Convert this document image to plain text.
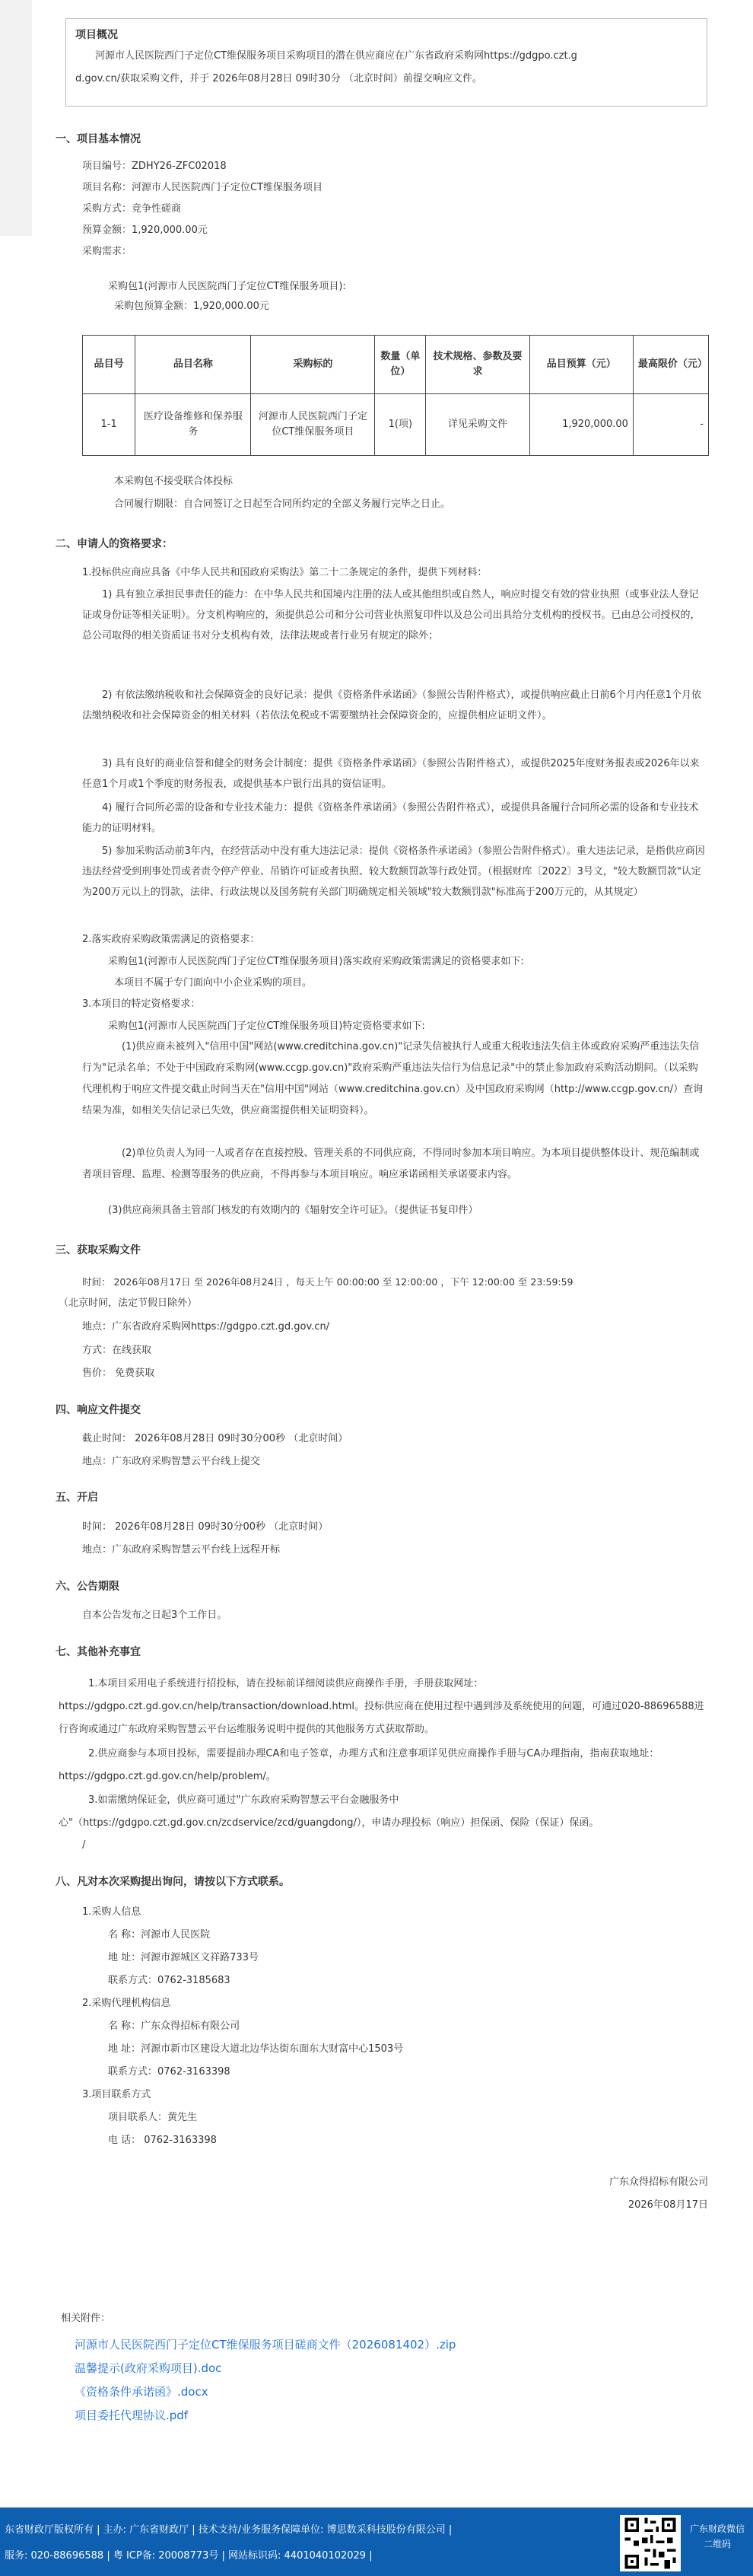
项目概况
河源市人民医院西门子定位CT维保服务项目采购项目的潜在供应商应在广东省政府采购网https://gdgpo.czt.g
d.gov.cn/获取采购文件，并于 2026年08月28日 09时30分 （北京时间）前提交响应文件。
一、项目基本情况
项目编号：ZDHY26-ZFC02018
项目名称：河源市人民医院西门子定位CT维保服务项目
采购方式：竞争性磋商
预算金额：1,920,000.00元
采购需求：
采购包1(河源市人民医院西门子定位CT维保服务项目):
采购包预算金额：1,920,000.00元
品目号	品目名称	采购标的	数量（单位）	技术规格、参数及要求	品目预算（元）	最高限价（元）
1-1	医疗设备维修和保养服务	河源市人民医院西门子定位CT维保服务项目	1(项)	详见采购文件	1,920,000.00	-
本采购包不接受联合体投标
合同履行期限：自合同签订之日起至合同所约定的全部义务履行完毕之日止。
二、申请人的资格要求：
1.投标供应商应具备《中华人民共和国政府采购法》第二十二条规定的条件，提供下列材料：
1) 具有独立承担民事责任的能力：在中华人民共和国境内注册的法人或其他组织或自然人，响应时提交有效的营业执照（或事业法人登记证或身份证等相关证明）。分支机构响应的，须提供总公司和分公司营业执照复印件以及总公司出具给分支机构的授权书。已由总公司授权的，总公司取得的相关资质证书对分支机构有效，法律法规或者行业另有规定的除外；
2) 有依法缴纳税收和社会保障资金的良好记录：提供《资格条件承诺函》（参照公告附件格式），或提供响应截止日前6个月内任意1个月依法缴纳税收和社会保障资金的相关材料（若依法免税或不需要缴纳社会保障资金的，应提供相应证明文件）。
3) 具有良好的商业信誉和健全的财务会计制度：提供《资格条件承诺函》（参照公告附件格式），或提供2025年度财务报表或2026年以来任意1个月或1个季度的财务报表，或提供基本户银行出具的资信证明。
4) 履行合同所必需的设备和专业技术能力：提供《资格条件承诺函》（参照公告附件格式），或提供具备履行合同所必需的设备和专业技术能力的证明材料。
5) 参加采购活动前3年内，在经营活动中没有重大违法记录：提供《资格条件承诺函》（参照公告附件格式）。重大违法记录，是指供应商因违法经营受到刑事处罚或者责令停产停业、吊销许可证或者执照、较大数额罚款等行政处罚。（根据财库〔2022〕3号文，"较大数额罚款"认定为200万元以上的罚款，法律、行政法规以及国务院有关部门明确规定相关领域"较大数额罚款"标准高于200万元的，从其规定）
2.落实政府采购政策需满足的资格要求：
采购包1(河源市人民医院西门子定位CT维保服务项目)落实政府采购政策需满足的资格要求如下:
本项目不属于专门面向中小企业采购的项目。
3.本项目的特定资格要求：
采购包1(河源市人民医院西门子定位CT维保服务项目)特定资格要求如下:
(1)供应商未被列入"信用中国"网站(www.creditchina.gov.cn)"记录失信被执行人或重大税收违法失信主体或政府采购严重违法失信行为"记录名单；不处于中国政府采购网(www.ccgp.gov.cn)"政府采购严重违法失信行为信息记录"中的禁止参加政府采购活动期间。（以采购代理机构于响应文件提交截止时间当天在"信用中国"网站（www.creditchina.gov.cn）及中国政府采购网（http://www.ccgp.gov.cn/）查询结果为准，如相关失信记录已失效，供应商需提供相关证明资料）。
(2)单位负责人为同一人或者存在直接控股、管理关系的不同供应商，不得同时参加本项目响应。为本项目提供整体设计、规范编制或者项目管理、监理、检测等服务的供应商，不得再参与本项目响应。响应承诺函相关承诺要求内容。
(3)供应商须具备主管部门核发的有效期内的《辐射安全许可证》。（提供证书复印件）
三、获取采购文件
时间： 2026年08月17日 至 2026年08月24日 ，每天上午 00:00:00 至 12:00:00 ，下午 12:00:00 至 23:59:59
（北京时间，法定节假日除外）
地点：广东省政府采购网https://gdgpo.czt.gd.gov.cn/
方式：在线获取
售价： 免费获取
四、响应文件提交
截止时间： 2026年08月28日 09时30分00秒 （北京时间）
地点：广东政府采购智慧云平台线上提交
五、开启
时间： 2026年08月28日 09时30分00秒 （北京时间）
地点：广东政府采购智慧云平台线上远程开标
六、公告期限
自本公告发布之日起3个工作日。
七、其他补充事宜
1.本项目采用电子系统进行招投标，请在投标前详细阅读供应商操作手册，手册获取网址：https://gdgpo.czt.gd.gov.cn/help/transaction/download.html。投标供应商在使用过程中遇到涉及系统使用的问题，可通过020-88696588进行咨询或通过广东政府采购智慧云平台运维服务说明中提供的其他服务方式获取帮助。
2.供应商参与本项目投标，需要提前办理CA和电子签章，办理方式和注意事项详见供应商操作手册与CA办理指南，指南获取地址：https://gdgpo.czt.gd.gov.cn/help/problem/。
3.如需缴纳保证金，供应商可通过"广东政府采购智慧云平台金融服务中心"（https://gdgpo.czt.gd.gov.cn/zcdservice/zcd/guangdong/），申请办理投标（响应）担保函、保险（保证）保函。
/
八、凡对本次采购提出询问，请按以下方式联系。
1.采购人信息
名 称：河源市人民医院
地 址：河源市源城区文祥路733号
联系方式：0762-3185683
2.采购代理机构信息
名 称：广东众得招标有限公司
地 址：河源市新市区建设大道北边华达街东面东大财富中心1503号
联系方式：0762-3163398
3.项目联系方式
项目联系人：黄先生
电 话： 0762-3163398
广东众得招标有限公司
2026年08月17日
相关附件：
河源市人民医院西门子定位CT维保服务项目磋商文件（2026081402）.zip
温馨提示(政府采购项目).doc
《资格条件承诺函》.docx
项目委托代理协议.pdf
东省财政厅版权所有 | 主办: 广东省财政厅 | 技术支持/业务服务保障单位: 博思数采科技股份有限公司 |
服务: 020-88696588 | 粤 ICP备: 20008773号 | 网站标识码: 4401040102029 |
广东财政微信二维码
